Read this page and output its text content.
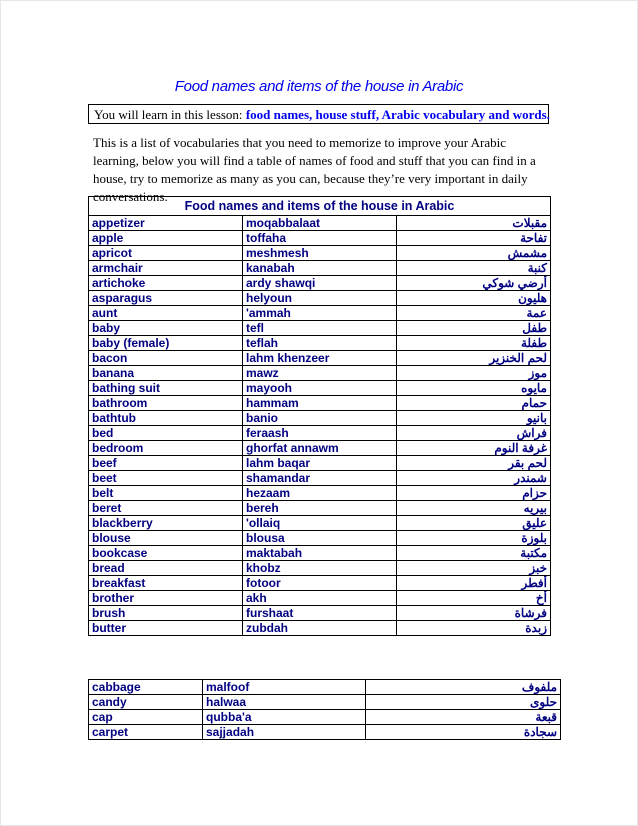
Food names and items of the house in Arabic
You will learn in this lesson: food names, house stuff, Arabic vocabulary and words.
This is a list of vocabularies that you need to memorize to improve your Arabic learning, below you will find a table of names of food and stuff that you can find in a house, try to memorize as many as you can, because they’re very important in daily conversations.
Food names and items of the house in Arabic		
appetizer	moqabbalaat	مقبلات
apple	toffaha	تفاحة
apricot	meshmesh	مشمش
armchair	kanabah	كنبة
artichoke	ardy shawqi	أرضي شوكي
asparagus	helyoun	هليون
aunt	'ammah	عمة
baby	tefl	طفل
baby (female)	teflah	طفلة
bacon	lahm khenzeer	لحم الخنزير
banana	mawz	موز
bathing suit	mayooh	مايوه
bathroom	hammam	حمام
bathtub	banio	بانيو
bed	feraash	فراش
bedroom	ghorfat annawm	غرفة النوم
beef	lahm baqar	لحم بقر
beet	shamandar	شمندر
belt	hezaam	حزام
beret	bereh	بيريه
blackberry	'ollaiq	عليق
blouse	blousa	بلوزة
bookcase	maktabah	مكتبة
bread	khobz	خبز
breakfast	fotoor	أفطر
brother	akh	أخ
brush	furshaat	فرشاة
butter	zubdah	زبدة
cabbage	malfoof	ملفوف
candy	halwaa	حلوى
cap	qubba'a	قبعة
carpet	sajjadah	سجادة
